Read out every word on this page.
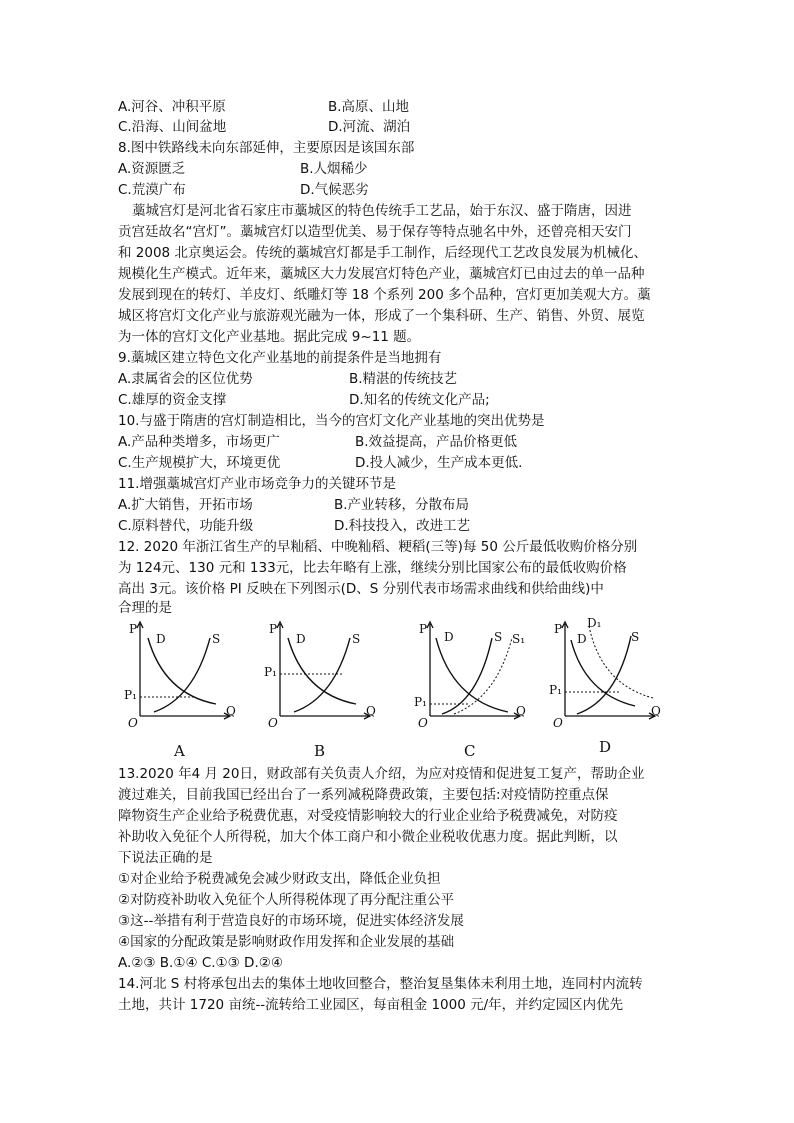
A.河谷、冲积平原	B.高原、山地
C.沿海、山间盆地	D.河流、湖泊
8.图中铁路线未向东部延伸，主要原因是该国东部
A.资源匮乏	B.人烟稀少
C.荒漠广布	D.气候恶劣
藁城宫灯是河北省石家庄市藁城区的特色传统手工艺品，始于东汉、盛于隋唐，因进
贡宫廷故名“宫灯”。藁城宫灯以造型优美、易于保存等特点驰名中外，还曾亮相天安门
和 2008 北京奥运会。传统的藁城宫灯都是手工制作，后经现代工艺改良发展为机械化、
规模化生产模式。近年来，藁城区大力发展宫灯特色产业，藁城宫灯已由过去的单一品种
发展到现在的转灯、羊皮灯、纸雕灯等 18 个系列 200 多个品种，宫灯更加美观大方。藁
城区将宫灯文化产业与旅游观光融为一体，形成了一个集科研、生产、销售、外贸、展览
为一体的宫灯文化产业基地。据此完成 9~11 题。
9.藁城区建立特色文化产业基地的前提条件是当地拥有
A.隶属省会的区位优势	B.精湛的传统技艺
C.雄厚的资金支撑	D.知名的传统文化产品;
10.与盛于隋唐的宫灯制造相比，当今的宫灯文化产业基地的突出优势是
A.产品种类增多，市场更广	B.效益提高，产品价格更低
C.生产规模扩大，环境更优	D.投人减少，生产成本更低.
11.增强藁城宫灯产业市场竞争力的关键环节是
A.扩大销售，开拓市场	B.产业转移，分散布局
C.原料替代，功能升级	D.科技投入，改进工艺
12. 2020 年浙江省生产的早籼稻、中晚籼稻、粳稻(三等)每 50 公斤最低收购价格分别
为 124元、130 元和 133元，比去年略有上涨，继续分别比国家公布的最低收购价格
高出 3元。该价格 PI 反映在下列图示(D、S 分别代表市场需求曲线和供给曲线)中
合理的是
P
D	S
P₁
O
Q
A
P
D	S
P₁
O
Q
B
P
D	S S₁
P₁
O
Q
C
P
D
D₁
S
P₁
O
Q
D
13.2020 年4 月 20日，财政部有关负责人介绍，为应对疫情和促进复工复产，帮助企业
渡过难关，目前我国已经出台了一系列减税降费政策，主要包括:对疫情防控重点保
障物资生产企业给予税费优惠，对受疫情影响较大的行业企业给予税费减免，对防疫
补助收入免征个人所得税，加大个体工商户和小微企业税收优惠力度。据此判断，以
下说法正确的是
①对企业给予税费减免会减少财政支出，降低企业负担
②对防疫补助收入免征个人所得税体现了再分配注重公平
③这--举措有利于营造良好的市场环境，促进实体经济发展
④国家的分配政策是影响财政作用发挥和企业发展的基础
A.②③ B.①④ C.①③ D.②④
14.河北 S 村将承包出去的集体土地收回整合，整治复垦集体未利用土地，连同村内流转
土地，共计 1720 亩统--流转给工业园区，每亩租金 1000 元/年，并约定园区内优先
